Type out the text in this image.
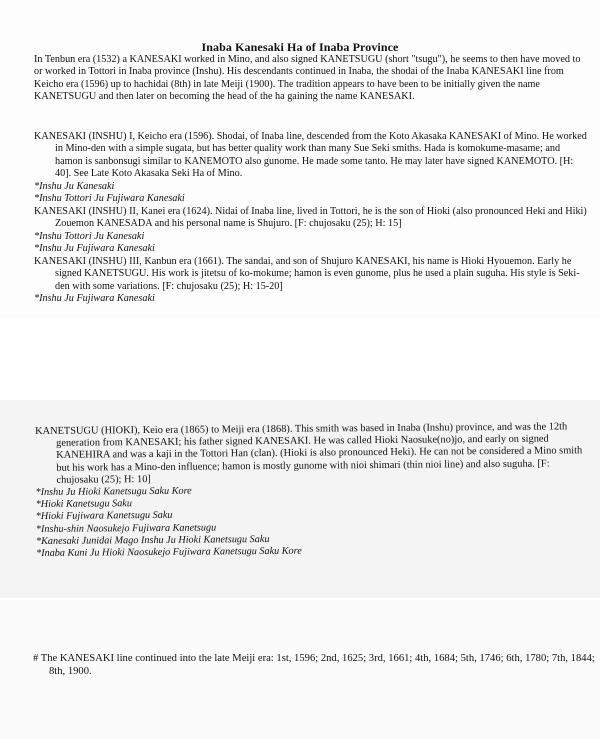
Inaba Kanesaki Ha of Inaba Province

In Tenbun era (1532) a KANESAKI worked in Mino, and also signed KANETSUGU (short "tsugu"), he seems to then have moved to or worked in Tottori in Inaba province (Inshu). His descendants continued in Inaba, the shodai of the Inaba KANESAKI line from Keicho era (1596) up to hachidai (8th) in late Meiji (1900). The tradition appears to have been to be initially given the name KANETSUGU and then later on becoming the head of the ha gaining the name KANESAKI.

KANESAKI (INSHU) I, Keicho era (1596). Shodai, of Inaba line, descended from the Koto Akasaka KANESAKI of Mino. He worked in Mino-den with a simple sugata, but has better quality work than many Sue Seki smiths. Hada is komokume-masame; and hamon is sanbonsugi similar to KANEMOTO also gunome. He made some tanto. He may later have signed KANEMOTO. [H: 40]. See Late Koto Akasaka Seki Ha of Mino.

*Inshu Ju Kanesaki

*Inshu Tottori Ju Fujiwara Kanesaki

KANESAKI (INSHU) II, Kanei era (1624). Nidai of Inaba line, lived in Tottori, he is the son of Hioki (also pronounced Heki and Hiki) Zouemon KANESADA and his personal name is Shujuro. [F: chujosaku (25); H: 15]

*Inshu Tottori Ju Kanesaki

*Inshu Ju Fujiwara Kanesaki

KANESAKI (INSHU) III, Kanbun era (1661). The sandai, and son of Shujuro KANESAKI, his name is Hioki Hyouemon. Early he signed KANETSUGU. His work is jitetsu of ko-mokume; hamon is even gunome, plus he used a plain suguha. His style is Seki-den with some variations. [F: chujosaku (25); H: 15-20]

*Inshu Ju Fujiwara Kanesaki

KANETSUGU (HIOKI), Keio era (1865) to Meiji era (1868). This smith was based in Inaba (Inshu) province, and was the 12th generation from KANESAKI; his father signed KANESAKI. He was called Hioki Naosuke(no)jo, and early on signed KANEHIRA and was a kaji in the Tottori Han (clan). (Hioki is also pronounced Heki). He can not be considered a Mino smith but his work has a Mino-den influence; hamon is mostly gunome with nioi shimari (thin nioi line) and also suguha. [F: chujosaku (25); H: 10]

*Inshu Ju Hioki Kanetsugu Saku Kore

*Hioki Kanetsugu Saku

*Hioki Fujiwara Kanetsugu Saku

*Inshu-shin Naosukejo Fujiwara Kanetsugu

*Kanesaki Junidai Mago Inshu Ju Hioki Kanetsugu Saku

*Inaba Kuni Ju Hioki Naosukejo Fujiwara Kanetsugu Saku Kore

# The KANESAKI line continued into the late Meiji era: 1st, 1596; 2nd, 1625; 3rd, 1661; 4th, 1684; 5th, 1746; 6th, 1780; 7th, 1844; 8th, 1900.
